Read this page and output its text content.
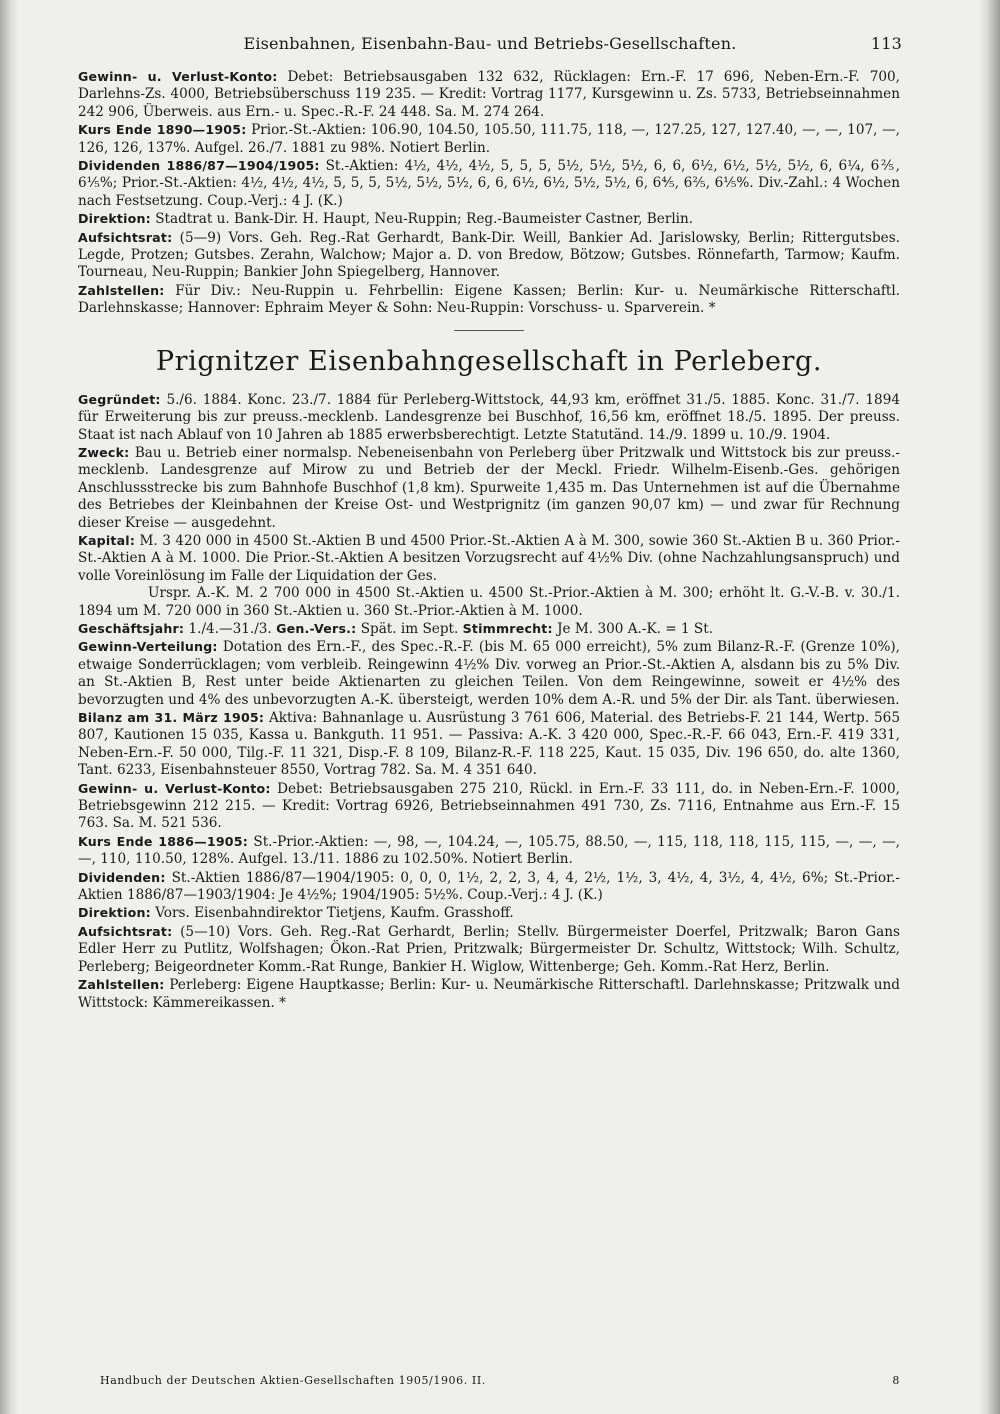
Eisenbahnen, Eisenbahn-Bau- und Betriebs-Gesellschaften.	113

Gewinn- u. Verlust-Konto: Debet: Betriebsausgaben 132 632, Rücklagen: Ern.-F. 17 696, Neben-Ern.-F. 700, Darlehns-Zs. 4000, Betriebsüberschuss 119 235. — Kredit: Vortrag 1177, Kursgewinn u. Zs. 5733, Betriebseinnahmen 242 906, Überweis. aus Ern.- u. Spec.-R.-F. 24 448. Sa. M. 274 264.

Kurs Ende 1890—1905: Prior.-St.-Aktien: 106.90, 104.50, 105.50, 111.75, 118, —, 127.25, 127, 127.40, —, —, 107, —, 126, 126, 137%. Aufgel. 26./7. 1881 zu 98%. Notiert Berlin.

Dividenden 1886/87—1904/1905: St.-Aktien: 4½, 4½, 4½, 5, 5, 5, 5½, 5½, 5½, 6, 6, 6½, 6½, 5½, 5½, 6, 6¼, 6⅖, 6⅕%; Prior.-St.-Aktien: 4½, 4½, 4½, 5, 5, 5, 5½, 5½, 5½, 6, 6, 6½, 6½, 5½, 5½, 6, 6⅘, 6⅖, 6⅕%. Div.-Zahl.: 4 Wochen nach Festsetzung. Coup.-Verj.: 4 J. (K.)

Direktion: Stadtrat u. Bank-Dir. H. Haupt, Neu-Ruppin; Reg.-Baumeister Castner, Berlin.

Aufsichtsrat: (5—9) Vors. Geh. Reg.-Rat Gerhardt, Bank-Dir. Weill, Bankier Ad. Jarislowsky, Berlin; Rittergutsbes. Legde, Protzen; Gutsbes. Zerahn, Walchow; Major a. D. von Bredow, Bötzow; Gutsbes. Rönnefarth, Tarmow; Kaufm. Tourneau, Neu-Ruppin; Bankier John Spiegelberg, Hannover.

Zahlstellen: Für Div.: Neu-Ruppin u. Fehrbellin: Eigene Kassen; Berlin: Kur- u. Neumärkische Ritterschaftl. Darlehnskasse; Hannover: Ephraim Meyer & Sohn: Neu-Ruppin: Vorschuss- u. Sparverein. *

Prignitzer Eisenbahngesellschaft in Perleberg.

Gegründet: 5./6. 1884. Konc. 23./7. 1884 für Perleberg-Wittstock, 44,93 km, eröffnet 31./5. 1885. Konc. 31./7. 1894 für Erweiterung bis zur preuss.-mecklenb. Landesgrenze bei Buschhof, 16,56 km, eröffnet 18./5. 1895. Der preuss. Staat ist nach Ablauf von 10 Jahren ab 1885 erwerbsberechtigt. Letzte Statutänd. 14./9. 1899 u. 10./9. 1904.

Zweck: Bau u. Betrieb einer normalsp. Nebeneisenbahn von Perleberg über Pritzwalk und Wittstock bis zur preuss.-mecklenb. Landesgrenze auf Mirow zu und Betrieb der der Meckl. Friedr. Wilhelm-Eisenb.-Ges. gehörigen Anschlussstrecke bis zum Bahnhofe Buschhof (1,8 km). Spurweite 1,435 m. Das Unternehmen ist auf die Übernahme des Betriebes der Kleinbahnen der Kreise Ost- und Westprignitz (im ganzen 90,07 km) — und zwar für Rechnung dieser Kreise — ausgedehnt.

Kapital: M. 3 420 000 in 4500 St.-Aktien B und 4500 Prior.-St.-Aktien A à M. 300, sowie 360 St.-Aktien B u. 360 Prior.-St.-Aktien A à M. 1000. Die Prior.-St.-Aktien A besitzen Vorzugsrecht auf 4½% Div. (ohne Nachzahlungsanspruch) und volle Voreinlösung im Falle der Liquidation der Ges.

Urspr. A.-K. M. 2 700 000 in 4500 St.-Aktien u. 4500 St.-Prior.-Aktien à M. 300; erhöht lt. G.-V.-B. v. 30./1. 1894 um M. 720 000 in 360 St.-Aktien u. 360 St.-Prior.-Aktien à M. 1000.

Geschäftsjahr: 1./4.—31./3. Gen.-Vers.: Spät. im Sept. Stimmrecht: Je M. 300 A.-K. = 1 St.

Gewinn-Verteilung: Dotation des Ern.-F., des Spec.-R.-F. (bis M. 65 000 erreicht), 5% zum Bilanz-R.-F. (Grenze 10%), etwaige Sonderrücklagen; vom verbleib. Reingewinn 4½% Div. vorweg an Prior.-St.-Aktien A, alsdann bis zu 5% Div. an St.-Aktien B, Rest unter beide Aktienarten zu gleichen Teilen. Von dem Reingewinne, soweit er 4½% des bevorzugten und 4% des unbevorzugten A.-K. übersteigt, werden 10% dem A.-R. und 5% der Dir. als Tant. überwiesen.

Bilanz am 31. März 1905: Aktiva: Bahnanlage u. Ausrüstung 3 761 606, Material. des Betriebs-F. 21 144, Wertp. 565 807, Kautionen 15 035, Kassa u. Bankguth. 11 951. — Passiva: A.-K. 3 420 000, Spec.-R.-F. 66 043, Ern.-F. 419 331, Neben-Ern.-F. 50 000, Tilg.-F. 11 321, Disp.-F. 8 109, Bilanz-R.-F. 118 225, Kaut. 15 035, Div. 196 650, do. alte 1360, Tant. 6233, Eisenbahnsteuer 8550, Vortrag 782. Sa. M. 4 351 640.

Gewinn- u. Verlust-Konto: Debet: Betriebsausgaben 275 210, Rückl. in Ern.-F. 33 111, do. in Neben-Ern.-F. 1000, Betriebsgewinn 212 215. — Kredit: Vortrag 6926, Betriebseinnahmen 491 730, Zs. 7116, Entnahme aus Ern.-F. 15 763. Sa. M. 521 536.

Kurs Ende 1886—1905: St.-Prior.-Aktien: —, 98, —, 104.24, —, 105.75, 88.50, —, 115, 118, 118, 115, 115, —, —, —, —, 110, 110.50, 128%. Aufgel. 13./11. 1886 zu 102.50%. Notiert Berlin.

Dividenden: St.-Aktien 1886/87—1904/1905: 0, 0, 0, 1½, 2, 2, 3, 4, 4, 2½, 1½, 3, 4½, 4, 3½, 4, 4½, 6%; St.-Prior.-Aktien 1886/87—1903/1904: Je 4½%; 1904/1905: 5½%. Coup.-Verj.: 4 J. (K.)

Direktion: Vors. Eisenbahndirektor Tietjens, Kaufm. Grasshoff.

Aufsichtsrat: (5—10) Vors. Geh. Reg.-Rat Gerhardt, Berlin; Stellv. Bürgermeister Doerfel, Pritzwalk; Baron Gans Edler Herr zu Putlitz, Wolfshagen; Ökon.-Rat Prien, Pritzwalk; Bürgermeister Dr. Schultz, Wittstock; Wilh. Schultz, Perleberg; Beigeordneter Komm.-Rat Runge, Bankier H. Wiglow, Wittenberge; Geh. Komm.-Rat Herz, Berlin.

Zahlstellen: Perleberg: Eigene Hauptkasse; Berlin: Kur- u. Neumärkische Ritterschaftl. Darlehnskasse; Pritzwalk und Wittstock: Kämmereikassen. *

Handbuch der Deutschen Aktien-Gesellschaften 1905/1906. II.	8
